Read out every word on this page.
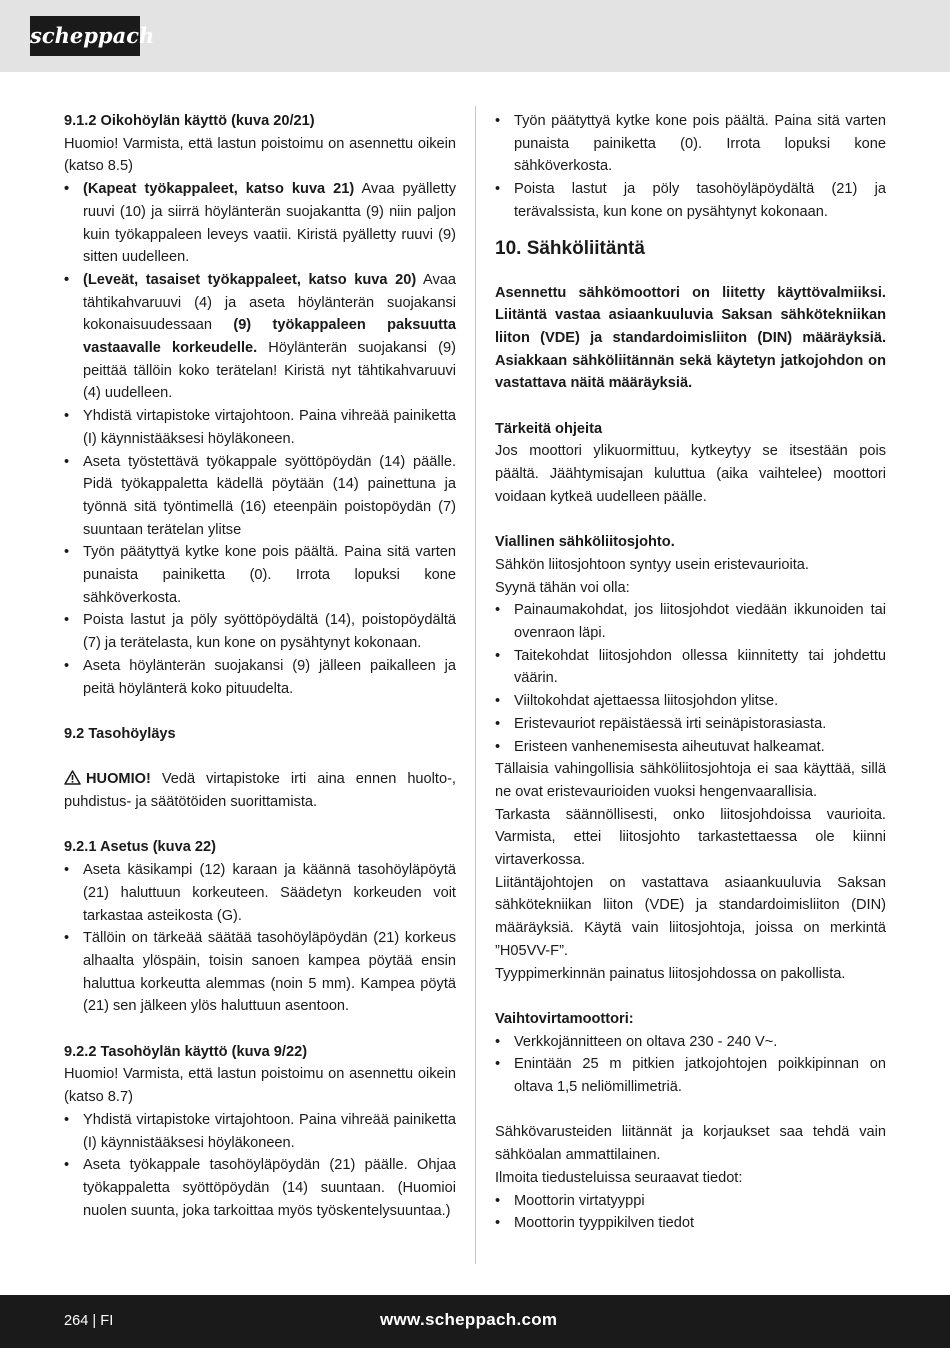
scheppach

9.1.2 Oikohöylän käyttö (kuva 20/21)

Huomio! Varmista, että lastun poistoimu on asennettu oikein (katso 8.5)

• (Kapeat työkappaleet, katso kuva 21) Avaa pyälletty ruuvi (10) ja siirrä höylänterän suojakantta (9) niin paljon kuin työkappaleen leveys vaatii. Kiristä pyälletty ruuvi (9) sitten uudelleen.
• (Leveät, tasaiset työkappaleet, katso kuva 20) Avaa tähtikahvaruuvi (4) ja aseta höylänterän suojakansi kokonaisuudessaan (9) työkappaleen paksuutta vastaavalle korkeudelle. Höylänterän suojakansi (9) peittää tällöin koko terätelan! Kiristä nyt tähtikahvaruuvi (4) uudelleen.
• Yhdistä virtapistoke virtajohtoon. Paina vihreää painiketta (I) käynnistääksesi höyläkoneen.
• Aseta työstettävä työkappale syöttöpöydän (14) päälle. Pidä työkappaletta kädellä pöytään (14) painettuna ja työnnä sitä työntimellä (16) eteenpäin poistopöydän (7) suuntaan terätelan ylitse
• Työn päätyttyä kytke kone pois päältä. Paina sitä varten punaista painiketta (0). Irrota lopuksi kone sähköverkosta.
• Poista lastut ja pöly syöttöpöydältä (14), poistopöydältä (7) ja terätelasta, kun kone on pysähtynyt kokonaan.
• Aseta höylänterän suojakansi (9) jälleen paikalleen ja peitä höylänterä koko pituudelta.

9.2 Tasohöyläys

HUOMIO! Vedä virtapistoke irti aina ennen huolto-, puhdistus- ja säätötöiden suorittamista.

9.2.1 Asetus (kuva 22)

• Aseta käsikampi (12) karaan ja käännä tasohöyläpöytä (21) haluttuun korkeuteen. Säädetyn korkeuden voit tarkastaa asteikosta (G).
• Tällöin on tärkeää säätää tasohöyläpöydän (21) korkeus alhaalta ylöspäin, toisin sanoen kampea pöytää ensin haluttua korkeutta alemmas (noin 5 mm). Kampea pöytä (21) sen jälkeen ylös haluttuun asentoon.

9.2.2 Tasohöylän käyttö (kuva 9/22)

Huomio! Varmista, että lastun poistoimu on asennettu oikein (katso 8.7)

• Yhdistä virtapistoke virtajohtoon. Paina vihreää painiketta (I) käynnistääksesi höyläkoneen.
• Aseta työkappale tasohöyläpöydän (21) päälle. Ohjaa työkappaletta syöttöpöydän (14) suuntaan. (Huomioi nuolen suunta, joka tarkoittaa myös työskentelysuuntaa.)
• Työn päätyttyä kytke kone pois päältä. Paina sitä varten punaista painiketta (0). Irrota lopuksi kone sähköverkosta.
• Poista lastut ja pöly tasohöyläpöydältä (21) ja terävalssista, kun kone on pysähtynyt kokonaan.

10. Sähköliitäntä

Asennettu sähkömoottori on liitetty käyttövalmiiksi. Liitäntä vastaa asiaankuuluvia Saksan sähkötekniikan liiton (VDE) ja standardoimisliiton (DIN) määräyksiä. Asiakkaan sähköliitännän sekä käytetyn jatkojohdon on vastattava näitä määräyksiä.

Tärkeitä ohjeita

Jos moottori ylikuormittuu, kytkeytyy se itsestään pois päältä. Jäähtymisajan kuluttua (aika vaihtelee) moottori voidaan kytkeä uudelleen päälle.

Viallinen sähköliitosjohto.

Sähkön liitosjohtoon syntyy usein eristevaurioita.

Syynä tähän voi olla:

• Painaumakohdat, jos liitosjohdot viedään ikkunoiden tai ovenraon läpi.
• Taitekohdat liitosjohdon ollessa kiinnitetty tai johdettu väärin.
• Viiltokohdat ajettaessa liitosjohdon ylitse.
• Eristevauriot repäistäessä irti seinäpistorasiasta.
• Eristeen vanhenemisesta aiheutuvat halkeamat.

Tällaisia vahingollisia sähköliitosjohtoja ei saa käyttää, sillä ne ovat eristevaurioiden vuoksi hengenvaarallisia.

Tarkasta säännöllisesti, onko liitosjohdoissa vaurioita. Varmista, ettei liitosjohto tarkastettaessa ole kiinni virtaverkossa.

Liitäntäjohtojen on vastattava asiaankuuluvia Saksan sähkötekniikan liiton (VDE) ja standardoimisliiton (DIN) määräyksiä. Käytä vain liitosjohtoja, joissa on merkintä ”H05VV-F”.

Tyyppimerkinnän painatus liitosjohdossa on pakollista.

Vaihtovirtamoottori:

• Verkkojännitteen on oltava 230 - 240 V~.
• Enintään 25 m pitkien jatkojohtojen poikkipinnan on oltava 1,5 neliömillimetriä.

Sähkövarusteiden liitännät ja korjaukset saa tehdä vain sähköalan ammattilainen.

Ilmoita tiedusteluissa seuraavat tiedot:

• Moottorin virtatyyppi
• Moottorin tyyppikilven tiedot
264 | FI	www.scheppach.com
